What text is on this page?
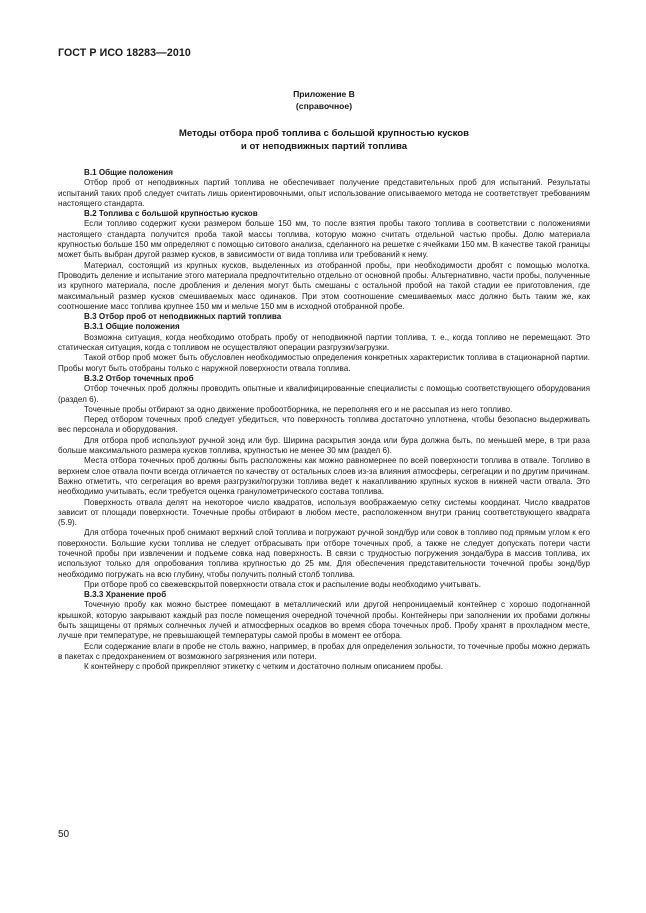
ГОСТ Р ИСО 18283—2010
Приложение В
(справочное)
Методы отбора проб топлива с большой крупностью кусков
и от неподвижных партий топлива
В.1 Общие положения

Отбор проб от неподвижных партий топлива не обеспечивает получение представительных проб для испытаний. Результаты испытаний таких проб следует считать лишь ориентировочными, опыт использование описываемого метода не соответствует требованиям настоящего стандарта.

В.2 Топлива с большой крупностью кусков

Если топливо содержит куски размером больше 150 мм, то после взятия пробы такого топлива в соответствии с положениями настоящего стандарта получится проба такой массы топлива, которую можно считать отдельной частью пробы. Долю материала крупностью больше 150 мм определяют с помощью ситового анализа, сделанного на решетке с ячейками 150 мм. В качестве такой границы может быть выбран другой размер кусков, в зависимости от вида топлива или требований к нему.

Материал, состоящий из крупных кусков, выделенных из отобранной пробы, при необходимости дробят с помощью молотка. Проводить деление и испытание этого материала предпочтительно отдельно от основной пробы. Альтернативно, части пробы, полученные из крупного материала, после дробления и деления могут быть смешаны с остальной пробой на такой стадии ее приготовления, где максимальный размер кусков смешиваемых масс одинаков. При этом соотношение смешиваемых масс должно быть таким же, как соотношение масс топлива крупнее 150 мм и мельче 150 мм в исходной отобранной пробе.

В.3 Отбор проб от неподвижных партий топлива
В.3.1 Общие положения

Возможна ситуация, когда необходимо отобрать пробу от неподвижной партии топлива, т. е., когда топливо не перемещают. Это статическая ситуация, когда с топливом не осуществляют операции разгрузки/загрузки.

Такой отбор проб может быть обусловлен необходимостью определения конкретных характеристик топлива в стационарной партии. Пробы могут быть отобраны только с наружной поверхности отвала топлива.

В.3.2 Отбор точечных проб

Отбор точечных проб должны проводить опытные и квалифицированные специалисты с помощью соответствующего оборудования (раздел 6).

Точечные пробы отбирают за одно движение пробоотборника, не переполняя его и не рассыпая из него топливо.

Перед отбором точечных проб следует убедиться, что поверхность топлива достаточно уплотнена, чтобы безопасно выдерживать вес персонала и оборудования.

Для отбора проб используют ручной зонд или бур. Ширина раскрытия зонда или бура должна быть, по меньшей мере, в три раза больше максимального размера кусков топлива, крупностью не менее 30 мм (раздел 6).

Места отбора точечных проб должны быть расположены как можно равномернее по всей поверхности топлива в отвале. Топливо в верхнем слое отвала почти всегда отличается по качеству от остальных слоев из-за влияния атмосферы, сегрегации и по другим причинам. Важно отметить, что сегрегация во время разгрузки/погрузки топлива ведет к накапливанию крупных кусков в нижней части отвала. Это необходимо учитывать, если требуется оценка гранулометрического состава топлива.

Поверхность отвала делят на некоторое число квадратов, используя воображаемую сетку системы координат. Число квадратов зависит от площади поверхности. Точечные пробы отбирают в любом месте, расположенном внутри границ соответствующего квадрата (5.9).

Для отбора точечных проб снимают верхний слой топлива и погружают ручной зонд/бур или совок в топливо под прямым углом к его поверхности. Большие куски топлива не следует отбрасывать при отборе точечных проб, а также не следует допускать потери части точечной пробы при извлечении и подъеме совка над поверхность. В связи с трудностью погружения зонда/бура в массив топлива, их используют только для опробования топлива крупностью до 25 мм. Для обеспечения представительности точечной пробы зонд/бур необходимо погружать на всю глубину, чтобы получить полный столб топлива.

При отборе проб со свежевскрытой поверхности отвала сток и распыление воды необходимо учитывать.

В.3.3 Хранение проб

Точечную пробу как можно быстрее помещают в металлический или другой непроницаемый контейнер с хорошо подогнанной крышкой, которую закрывают каждый раз после помещения очередной точечной пробы. Контейнеры при заполнении их пробами должны быть защищены от прямых солнечных лучей и атмосферных осадков во время сбора точечных проб. Пробу хранят в прохладном месте, лучше при температуре, не превышающей температуры самой пробы в момент ее отбора.

Если содержание влаги в пробе не столь важно, например, в пробах для определения зольности, то точечные пробы можно держать в пакетах с предохранением от возможного загрязнения или потери.

К контейнеру с пробой прикрепляют этикетку с четким и достаточно полным описанием пробы.

50
